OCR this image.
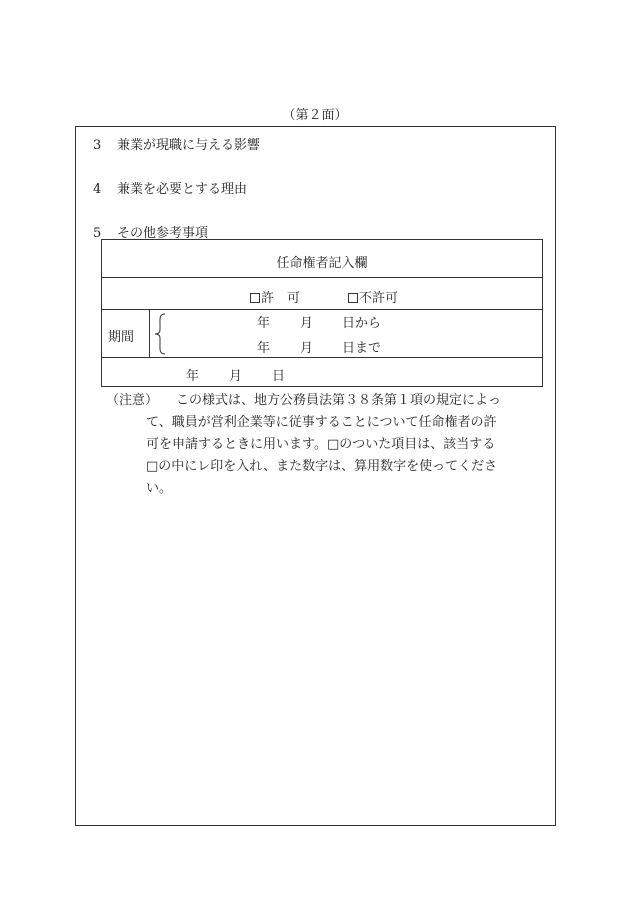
（第２面）
3 兼業が現職に与える影響
4 兼業を必要とする理由
5 その他参考事項
任命権者記入欄
許　可	不許可
期間
年 月 日から
年 月 日まで
年 月 日
（注意）	この様式は、地方公務員法第３８条第１項の規定によっ
て、職員が営利企業等に従事することについて任命権者の許
可を申請するときに用います。□のついた項目は、該当する
□の中にレ印を入れ、また数字は、算用数字を使ってくださ
い。
